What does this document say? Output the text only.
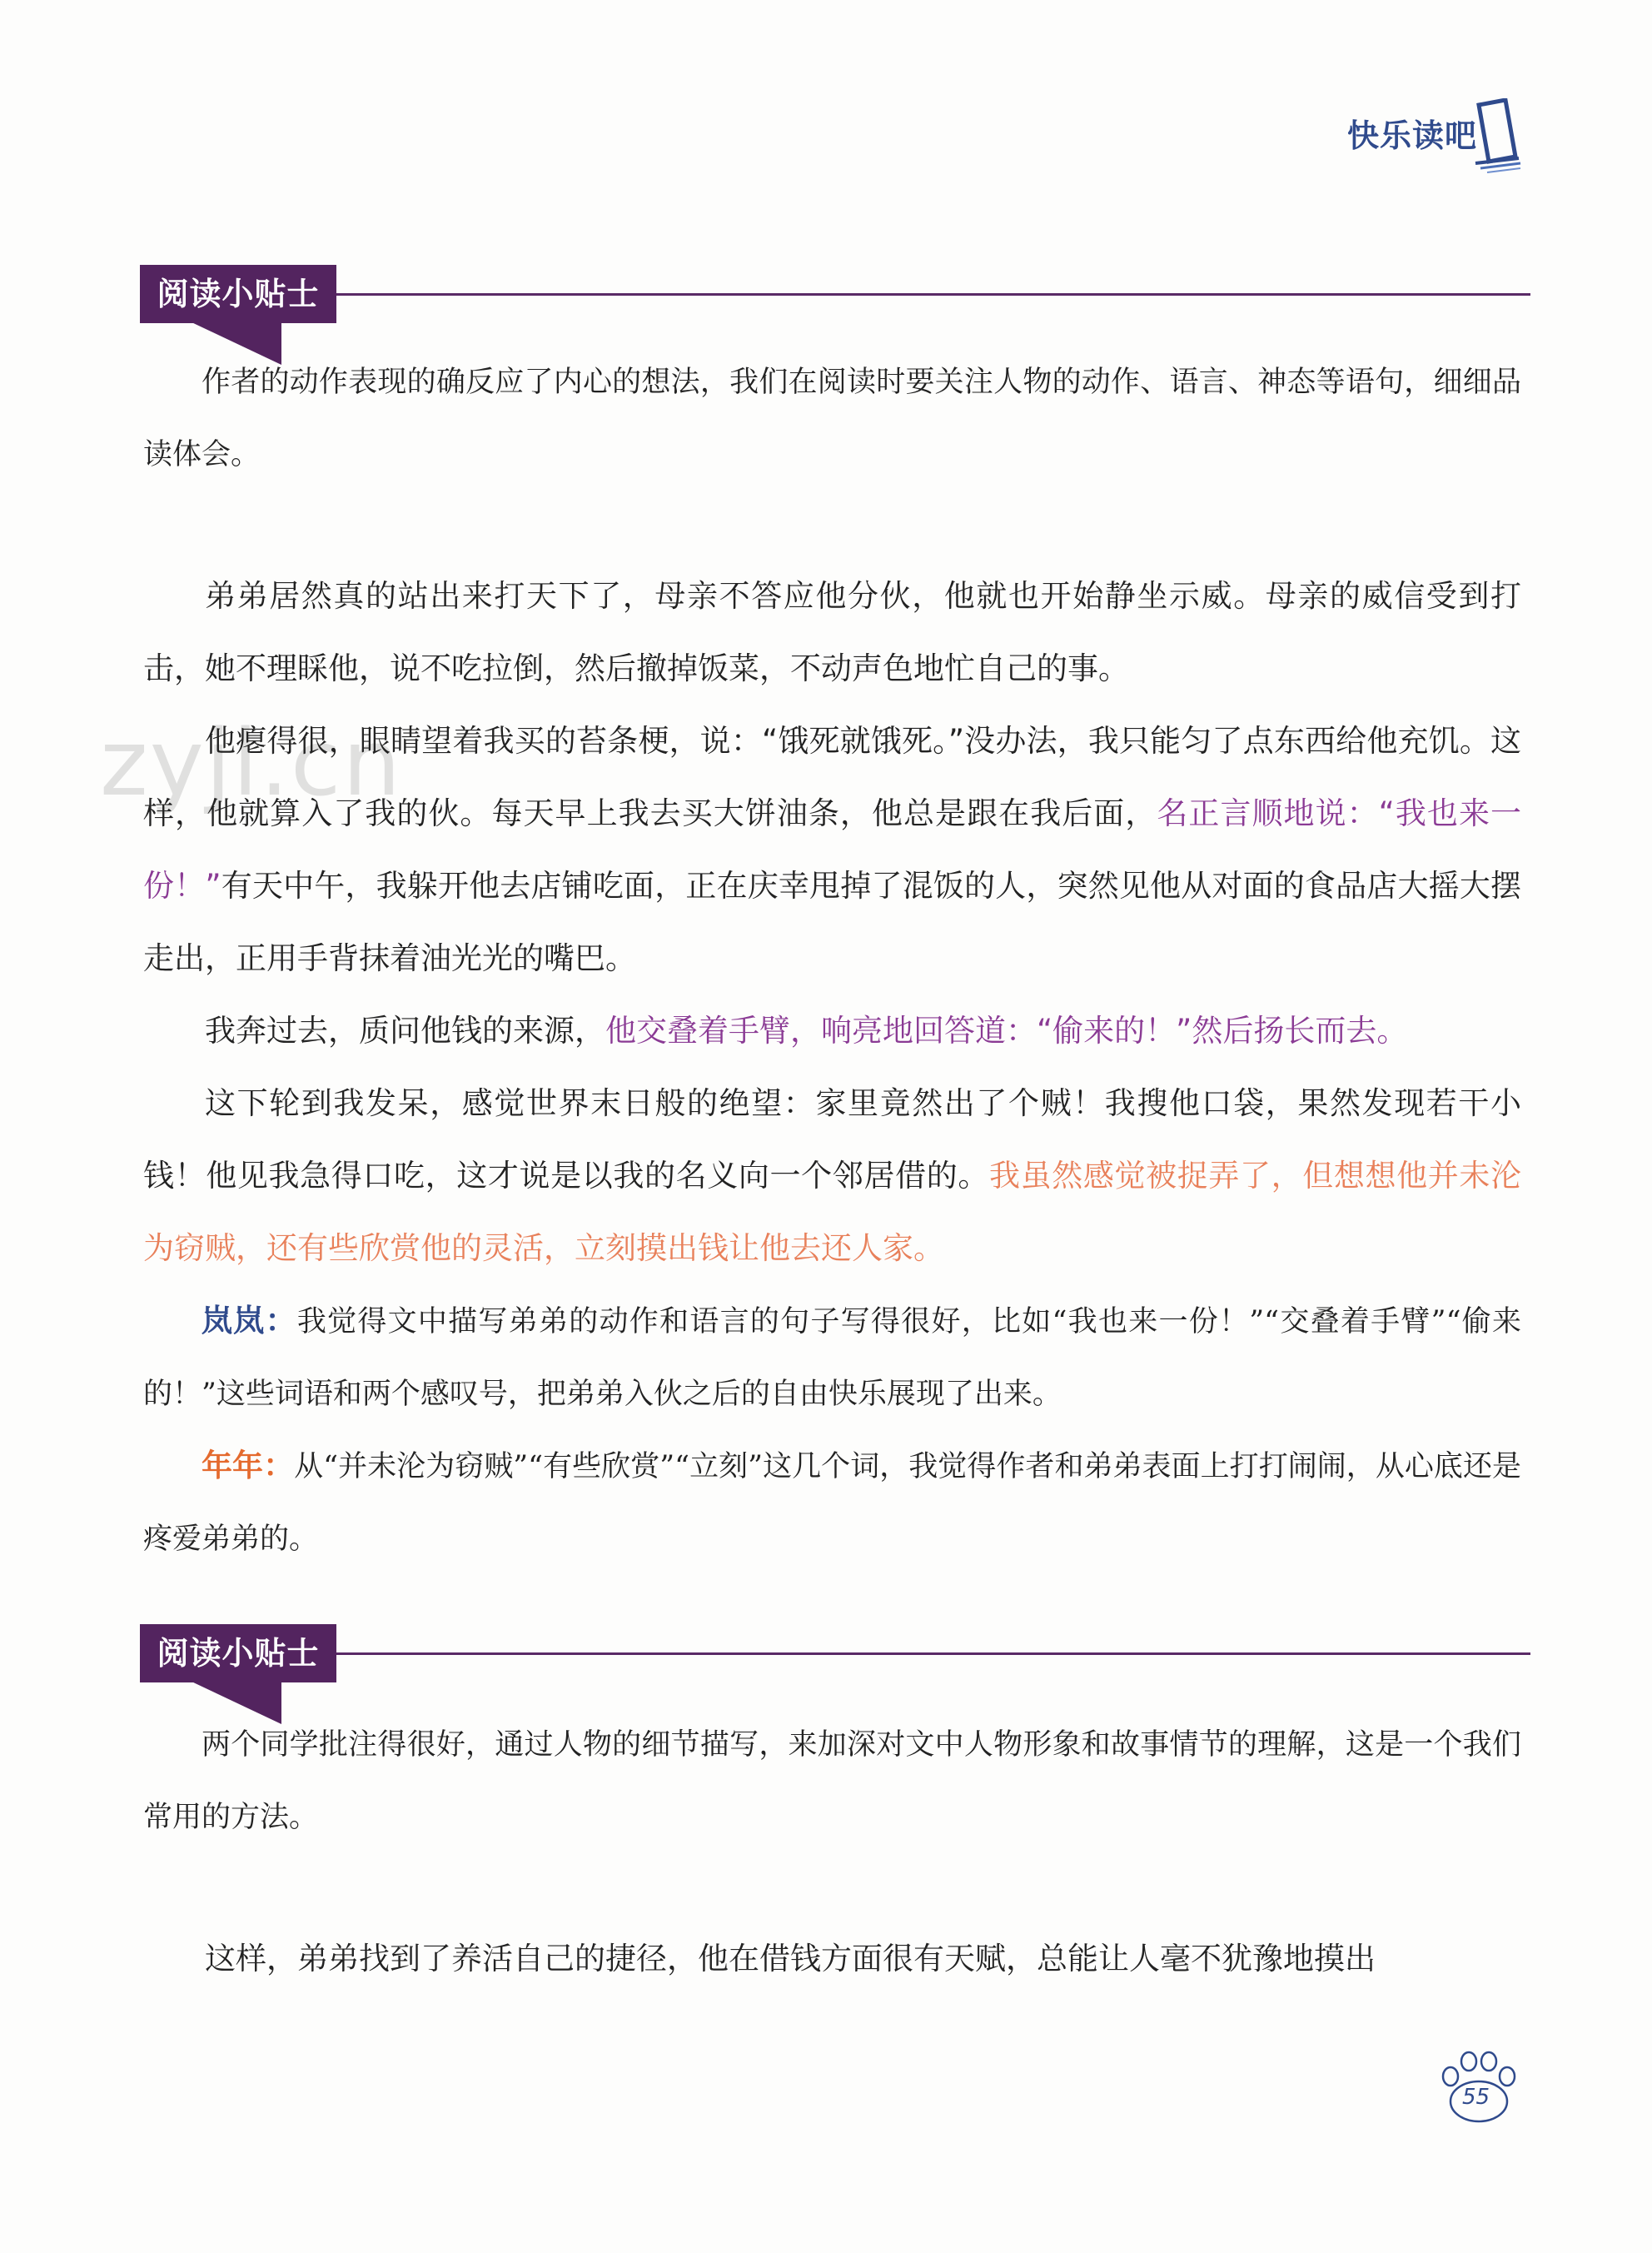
快乐读吧
zyjl.cn
阅读小贴士

作者的动作表现的确反应了内心的想法，我们在阅读时要关注人物的动作、语言、神态等语句，细细品读体会。

弟弟居然真的站出来打天下了，母亲不答应他分伙，他就也开始静坐示威。母亲的威信受到打击，她不理睬他，说不吃拉倒，然后撤掉饭菜，不动声色地忙自己的事。

他瘪得很，眼睛望着我买的苔条梗，说：“饿死就饿死。”没办法，我只能匀了点东西给他充饥。这样，他就算入了我的伙。每天早上我去买大饼油条，他总是跟在我后面，名正言顺地说：“我也来一份！”有天中午，我躲开他去店铺吃面，正在庆幸甩掉了混饭的人，突然见他从对面的食品店大摇大摆走出，正用手背抹着油光光的嘴巴。

我奔过去，质问他钱的来源，他交叠着手臂，响亮地回答道：“偷来的！”然后扬长而去。

这下轮到我发呆，感觉世界末日般的绝望：家里竟然出了个贼！我搜他口袋，果然发现若干小钱！他见我急得口吃，这才说是以我的名义向一个邻居借的。我虽然感觉被捉弄了，但想想他并未沦为窃贼，还有些欣赏他的灵活，立刻摸出钱让他去还人家。

岚岚：我觉得文中描写弟弟的动作和语言的句子写得很好，比如“我也来一份！”“交叠着手臂”“偷来的！”这些词语和两个感叹号，把弟弟入伙之后的自由快乐展现了出来。

年年：从“并未沦为窃贼”“有些欣赏”“立刻”这几个词，我觉得作者和弟弟表面上打打闹闹，从心底还是疼爱弟弟的。

阅读小贴士

两个同学批注得很好，通过人物的细节描写，来加深对文中人物形象和故事情节的理解，这是一个我们常用的方法。

这样，弟弟找到了养活自己的捷径，他在借钱方面很有天赋，总能让人毫不犹豫地摸出

55
